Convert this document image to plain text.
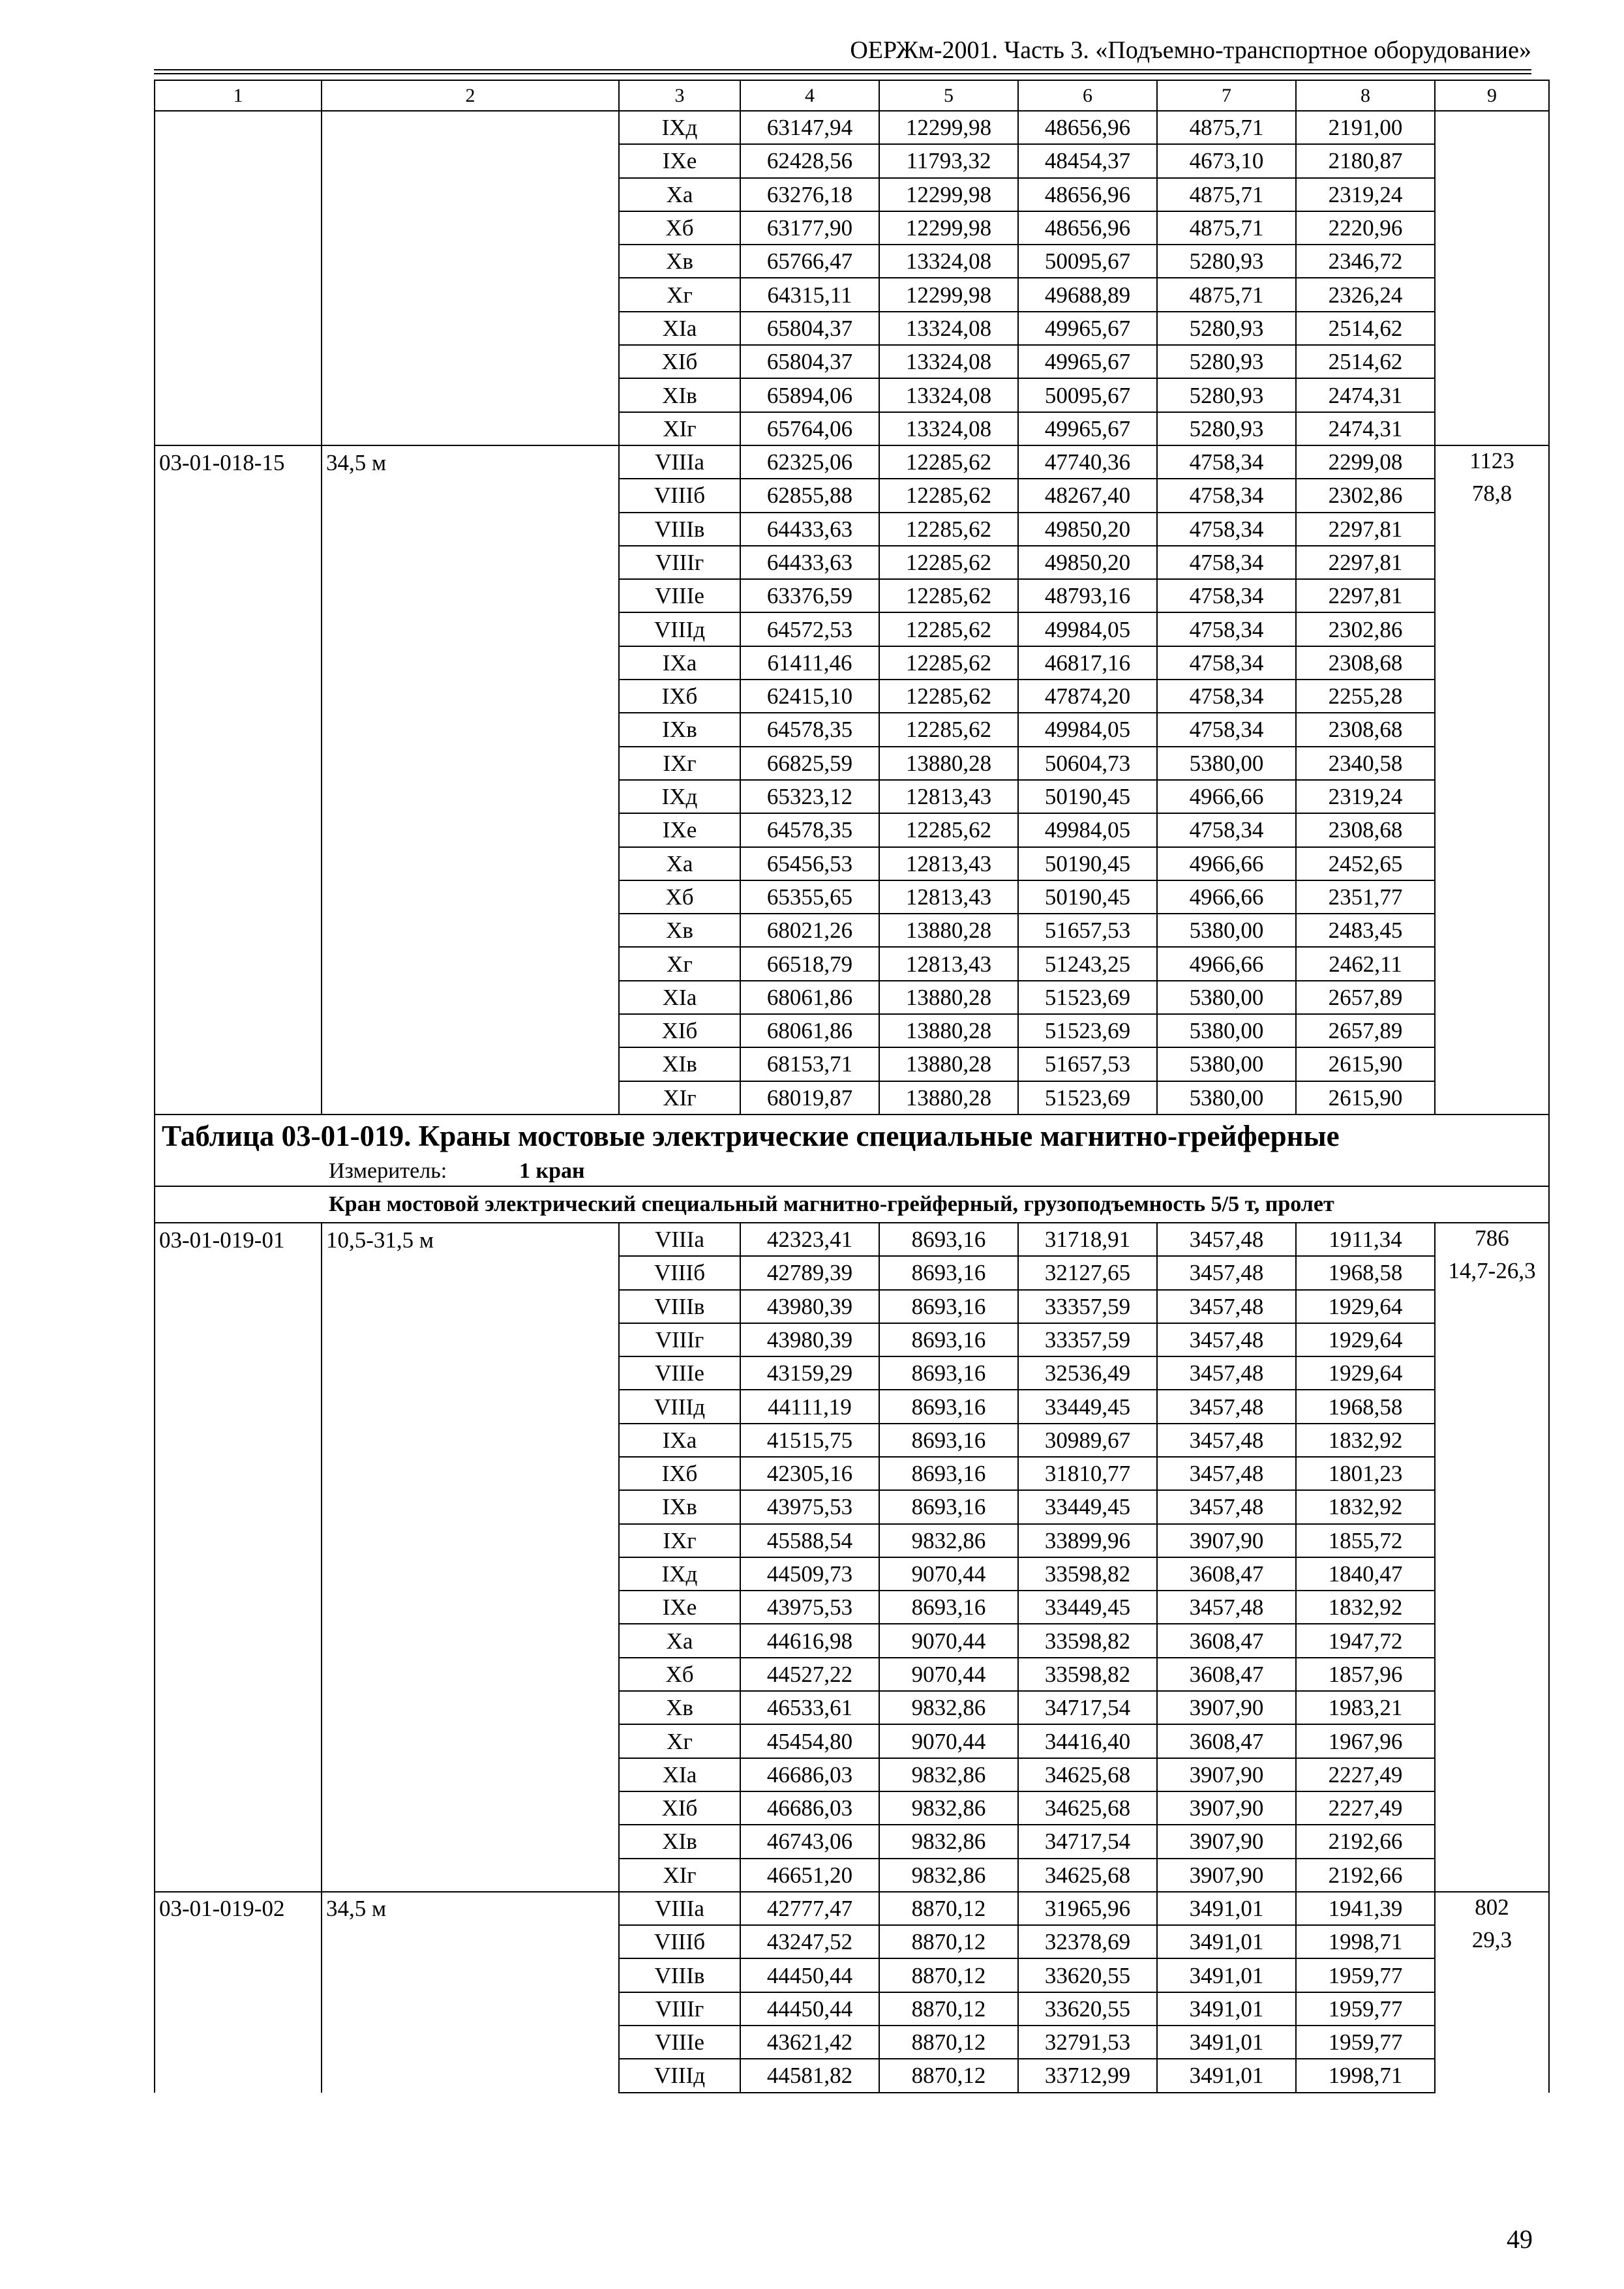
ОЕРЖм-2001. Часть 3. «Подъемно-транспортное оборудование»
1	2	3	4	5	6	7	8	9
		IXд	63147,94	12299,98	48656,96	4875,71	2191,00	
		IXе	62428,56	11793,32	48454,37	4673,10	2180,87	
		Xа	63276,18	12299,98	48656,96	4875,71	2319,24	
		Xб	63177,90	12299,98	48656,96	4875,71	2220,96	
		Xв	65766,47	13324,08	50095,67	5280,93	2346,72	
		Xг	64315,11	12299,98	49688,89	4875,71	2326,24	
		XIа	65804,37	13324,08	49965,67	5280,93	2514,62	
		XIб	65804,37	13324,08	49965,67	5280,93	2514,62	
		XIв	65894,06	13324,08	50095,67	5280,93	2474,31	
		XIг	65764,06	13324,08	49965,67	5280,93	2474,31	
03-01-018-15	34,5 м	VIIIа	62325,06	12285,62	47740,36	4758,34	2299,08	1123
		VIIIб	62855,88	12285,62	48267,40	4758,34	2302,86	78,8
		VIIIв	64433,63	12285,62	49850,20	4758,34	2297,81	
		VIIIг	64433,63	12285,62	49850,20	4758,34	2297,81	
		VIIIе	63376,59	12285,62	48793,16	4758,34	2297,81	
		VIIIд	64572,53	12285,62	49984,05	4758,34	2302,86	
		IXа	61411,46	12285,62	46817,16	4758,34	2308,68	
		IXб	62415,10	12285,62	47874,20	4758,34	2255,28	
		IXв	64578,35	12285,62	49984,05	4758,34	2308,68	
		IXг	66825,59	13880,28	50604,73	5380,00	2340,58	
		IXд	65323,12	12813,43	50190,45	4966,66	2319,24	
		IXе	64578,35	12285,62	49984,05	4758,34	2308,68	
		Xа	65456,53	12813,43	50190,45	4966,66	2452,65	
		Xб	65355,65	12813,43	50190,45	4966,66	2351,77	
		Xв	68021,26	13880,28	51657,53	5380,00	2483,45	
		Xг	66518,79	12813,43	51243,25	4966,66	2462,11	
		XIа	68061,86	13880,28	51523,69	5380,00	2657,89	
		XIб	68061,86	13880,28	51523,69	5380,00	2657,89	
		XIв	68153,71	13880,28	51657,53	5380,00	2615,90	
		XIг	68019,87	13880,28	51523,69	5380,00	2615,90	
Таблица 03-01-019. Краны мостовые электрические специальные магнитно-грейферные								
Измеритель: 1 кран								
Кран мостовой электрический специальный магнитно-грейферный, грузоподъемность 5/5 т, пролет								
03-01-019-01	10,5-31,5 м	VIIIа	42323,41	8693,16	31718,91	3457,48	1911,34	786
		VIIIб	42789,39	8693,16	32127,65	3457,48	1968,58	14,7-26,3
		VIIIв	43980,39	8693,16	33357,59	3457,48	1929,64	
		VIIIг	43980,39	8693,16	33357,59	3457,48	1929,64	
		VIIIе	43159,29	8693,16	32536,49	3457,48	1929,64	
		VIIIд	44111,19	8693,16	33449,45	3457,48	1968,58	
		IXа	41515,75	8693,16	30989,67	3457,48	1832,92	
		IXб	42305,16	8693,16	31810,77	3457,48	1801,23	
		IXв	43975,53	8693,16	33449,45	3457,48	1832,92	
		IXг	45588,54	9832,86	33899,96	3907,90	1855,72	
		IXд	44509,73	9070,44	33598,82	3608,47	1840,47	
		IXе	43975,53	8693,16	33449,45	3457,48	1832,92	
		Xа	44616,98	9070,44	33598,82	3608,47	1947,72	
		Xб	44527,22	9070,44	33598,82	3608,47	1857,96	
		Xв	46533,61	9832,86	34717,54	3907,90	1983,21	
		Xг	45454,80	9070,44	34416,40	3608,47	1967,96	
		XIа	46686,03	9832,86	34625,68	3907,90	2227,49	
		XIб	46686,03	9832,86	34625,68	3907,90	2227,49	
		XIв	46743,06	9832,86	34717,54	3907,90	2192,66	
		XIг	46651,20	9832,86	34625,68	3907,90	2192,66	
03-01-019-02	34,5 м	VIIIа	42777,47	8870,12	31965,96	3491,01	1941,39	802
		VIIIб	43247,52	8870,12	32378,69	3491,01	1998,71	29,3
		VIIIв	44450,44	8870,12	33620,55	3491,01	1959,77	
		VIIIг	44450,44	8870,12	33620,55	3491,01	1959,77	
		VIIIе	43621,42	8870,12	32791,53	3491,01	1959,77	
		VIIIд	44581,82	8870,12	33712,99	3491,01	1998,71	
49
